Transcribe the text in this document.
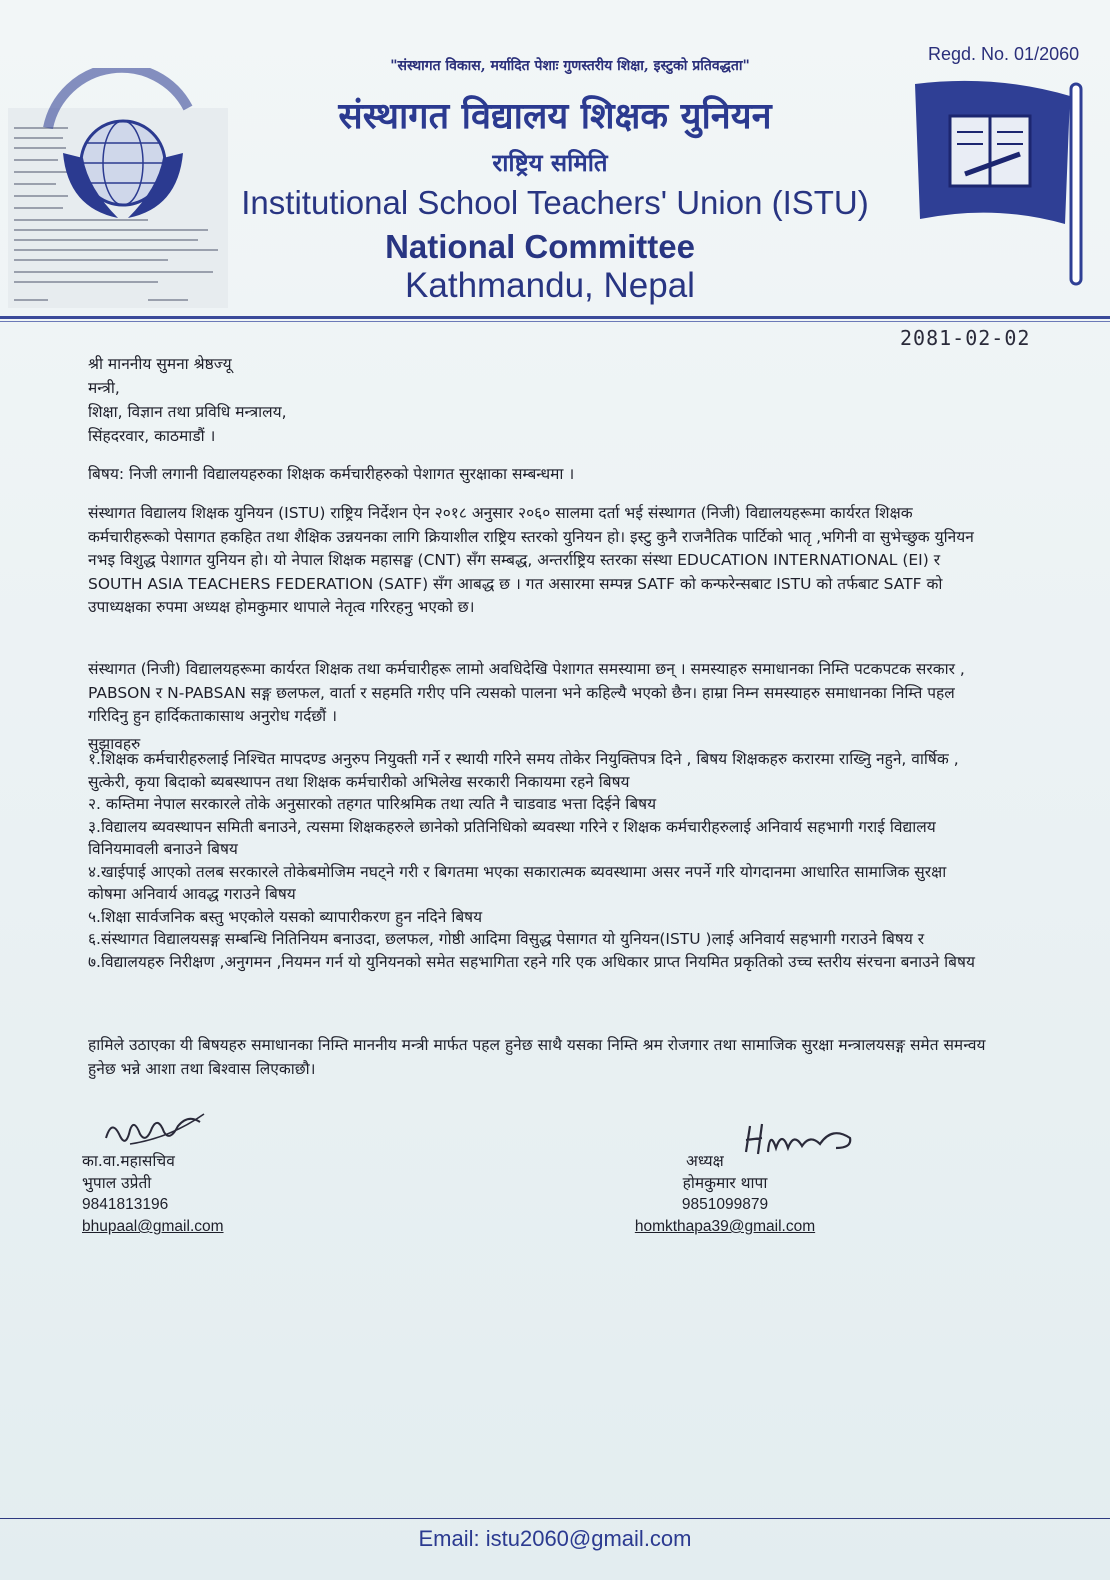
"संस्थागत विकास, मर्यादित पेशाः गुणस्तरीय शिक्षा, इस्टुको प्रतिवद्धता"
Regd. No. 01/2060
संस्थागत विद्यालय शिक्षक युनियन
राष्ट्रिय समिति
Institutional School Teachers' Union (ISTU)
National Committee
Kathmandu, Nepal
2081-02-02
श्री माननीय सुमना श्रेष्ठज्यू
मन्त्री,
शिक्षा, विज्ञान तथा प्रविधि मन्त्रालय,
सिंहदरवार, काठमाडौं ।
बिषय: निजी लगानी विद्यालयहरुका शिक्षक कर्मचारीहरुको पेशागत सुरक्षाका सम्बन्धमा ।
संस्थागत विद्यालय शिक्षक युनियन (ISTU) राष्ट्रिय निर्देशन ऐन २०१८ अनुसार २०६० सालमा दर्ता भई संस्थागत (निजी) विद्यालयहरूमा कार्यरत शिक्षक कर्मचारीहरूको पेसागत हकहित तथा शैक्षिक उन्नयनका लागि क्रियाशील राष्ट्रिय स्तरको युनियन हो। इस्टु कुनै राजनैतिक पार्टिको भातृ ,भगिनी वा सुभेच्छुक युनियन नभइ विशुद्ध पेशागत युनियन हो। यो नेपाल शिक्षक महासङ्घ (CNT) सँग सम्बद्ध, अन्तर्राष्ट्रिय स्तरका संस्था EDUCATION INTERNATIONAL (EI) र SOUTH ASIA TEACHERS FEDERATION (SATF) सँग आबद्ध छ । गत असारमा सम्पन्न SATF को कन्फरेन्सबाट ISTU को तर्फबाट SATF को उपाध्यक्षका रुपमा अध्यक्ष होमकुमार थापाले नेतृत्व गरिरहनु भएको छ।
संस्थागत (निजी) विद्यालयहरूमा कार्यरत शिक्षक तथा कर्मचारीहरू लामो अवधिदेखि पेशागत समस्यामा छन् । समस्याहरु समाधानका निम्ति पटकपटक सरकार , PABSON र N-PABSAN सङ्ग छलफल, वार्ता र सहमति गरीए पनि त्यसको पालना भने कहिल्यै भएको छैन। हाम्रा निम्न समस्याहरु समाधानका निम्ति पहल गरिदिनु हुन हार्दिकताकासाथ अनुरोध गर्दछौं ।
सुझावहरु
१.शिक्षक कर्मचारीहरुलाई निश्चित मापदण्ड अनुरुप नियुक्ती गर्ने र स्थायी गरिने समय तोकेर नियुक्तिपत्र दिने , बिषय शिक्षकहरु करारमा राख्निु नहुने, वार्षिक , सुत्केरी, कृया बिदाको ब्यबस्थापन तथा शिक्षक कर्मचारीको अभिलेख सरकारी निकायमा रहने बिषय
२. कम्तिमा नेपाल सरकारले तोके अनुसारको तहगत पारिश्रमिक तथा त्यति नै चाडवाड भत्ता दिईने बिषय
३.विद्यालय ब्यवस्थापन समिती बनाउने, त्यसमा शिक्षकहरुले छानेको प्रतिनिधिको ब्यवस्था गरिने र शिक्षक कर्मचारीहरुलाई अनिवार्य सहभागी गराई विद्यालय विनियमावली बनाउने बिषय
४.खाईपाई आएको तलब सरकारले तोकेबमोजिम नघट्ने गरी र बिगतमा भएका सकारात्मक ब्यवस्थामा असर नपर्ने गरि योगदानमा आधारित सामाजिक सुरक्षा कोषमा अनिवार्य आवद्ध गराउने बिषय
५.शिक्षा सार्वजनिक बस्तु भएकोले यसको ब्यापारीकरण हुन नदिने बिषय
६.संस्थागत विद्यालयसङ्ग सम्बन्धि नितिनियम बनाउदा, छलफल, गोष्ठी आदिमा विसुद्ध पेसागत यो युनियन(ISTU )लाई अनिवार्य सहभागी गराउने बिषय र
७.विद्यालयहरु निरीक्षण ,अनुगमन ,नियमन गर्न यो युनियनको समेत सहभागिता रहने गरि एक अधिकार प्राप्त नियमित प्रकृतिको उच्च स्तरीय संरचना बनाउने बिषय
हामिले उठाएका यी बिषयहरु समाधानका निम्ति माननीय मन्त्री मार्फत पहल हुनेछ साथै यसका निम्ति श्रम रोजगार तथा सामाजिक सुरक्षा मन्त्रालयसङ्ग समेत समन्वय हुनेछ भन्ने आशा तथा बिश्वास लिएकाछौ।
का.वा.महासचिव
भुपाल उप्रेती
9841813196
bhupaal@gmail.com
अध्यक्ष
होमकुमार थापा
9851099879
homkthapa39@gmail.com
Email: istu2060@gmail.com
